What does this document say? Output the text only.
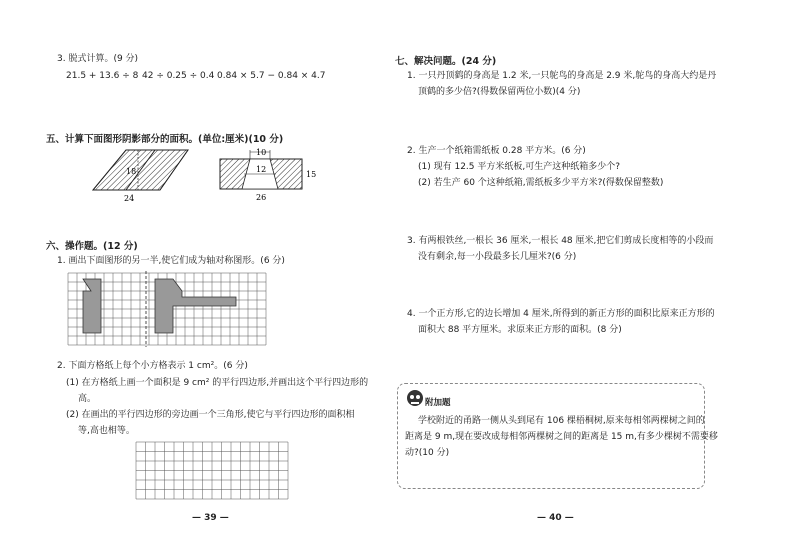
3. 脱式计算。(9 分)
21.5 + 13.6 ÷ 8 42 ÷ 0.25 ÷ 0.4 0.84 × 5.7 − 0.84 × 4.7
五、计算下面图形阴影部分的面积。(单位:厘米)(10 分)
18
24
10
12
15
26
六、操作题。(12 分)
1. 画出下面图形的另一半,使它们成为轴对称图形。(6 分)
2. 下面方格纸上每个小方格表示 1 cm²。(6 分)
(1) 在方格纸上画一个面积是 9 cm² 的平行四边形,并画出这个平行四边形的
高。
(2) 在画出的平行四边形的旁边画一个三角形,使它与平行四边形的面积相
等,高也相等。
— 39 —
七、解决问题。(24 分)
1. 一只丹顶鹤的身高是 1.2 米,一只鸵鸟的身高是 2.9 米,鸵鸟的身高大约是丹
顶鹤的多少倍?(得数保留两位小数)(4 分)
2. 生产一个纸箱需纸板 0.28 平方米。(6 分)
(1) 现有 12.5 平方米纸板,可生产这种纸箱多少个?
(2) 若生产 60 个这种纸箱,需纸板多少平方米?(得数保留整数)
3. 有两根铁丝,一根长 36 厘米,一根长 48 厘米,把它们剪成长度相等的小段而
没有剩余,每一小段最多长几厘米?(6 分)
4. 一个正方形,它的边长增加 4 厘米,所得到的新正方形的面积比原来正方形的
面积大 88 平方厘米。求原来正方形的面积。(8 分)
附加题
学校附近的甬路一侧从头到尾有 106 棵梧桐树,原来每相邻两棵树之间的
距离是 9 m,现在要改成每相邻两棵树之间的距离是 15 m,有多少棵树不需要移
动?(10 分)
— 40 —
